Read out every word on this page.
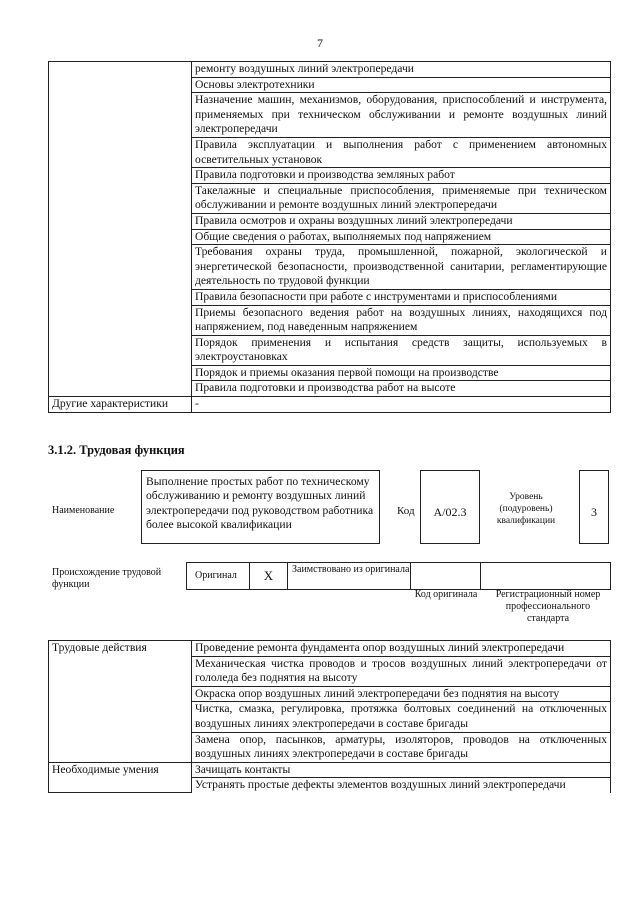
7
	ремонту воздушных линий электропередачи
	Основы электротехники
	Назначение машин, механизмов, оборудования, приспособлений и инструмента, применяемых при техническом обслуживании и ремонте воздушных линий электропередачи
	Правила эксплуатации и выполнения работ с применением автономных осветительных установок
	Правила подготовки и производства земляных работ
	Такелажные и специальные приспособления, применяемые при техническом обслуживании и ремонте воздушных линий электропередачи
	Правила осмотров и охраны воздушных линий электропередачи
	Общие сведения о работах, выполняемых под напряжением
	Требования охраны труда, промышленной, пожарной, экологической и энергетической безопасности, производственной санитарии, регламентирующие деятельность по трудовой функции
	Правила безопасности при работе с инструментами и приспособлениями
	Приемы безопасного ведения работ на воздушных линиях, находящихся под напряжением, под наведенным напряжением
	Порядок применения и испытания средств защиты, используемых в электроустановках
	Порядок и приемы оказания первой помощи на производстве
	Правила подготовки и производства работ на высоте
Другие характеристики	-
3.1.2. Трудовая функция
Наименование
Выполнение простых работ по техническому обслуживанию и ремонту воздушных линий электропередачи под руководством работника более высокой квалификации
Код	A/02.3
Уровень (подуровень) квалификации
3
Происхождение трудовой функции
Оригинал	X	Заимствовано из оригинала
Код оригинала	Регистрационный номер профессионального стандарта
Трудовые действия	Проведение ремонта фундамента опор воздушных линий электропередачи
	Механическая чистка проводов и тросов воздушных линий электропередачи от гололеда без поднятия на высоту
	Окраска опор воздушных линий электропередачи без поднятия на высоту
	Чистка, смазка, регулировка, протяжка болтовых соединений на отключенных воздушных линиях электропередачи в составе бригады
	Замена опор, пасынков, арматуры, изоляторов, проводов на отключенных воздушных линиях электропередачи в составе бригады
Необходимые умения	Зачищать контакты
	Устранять простые дефекты элементов воздушных линий электропередачи
